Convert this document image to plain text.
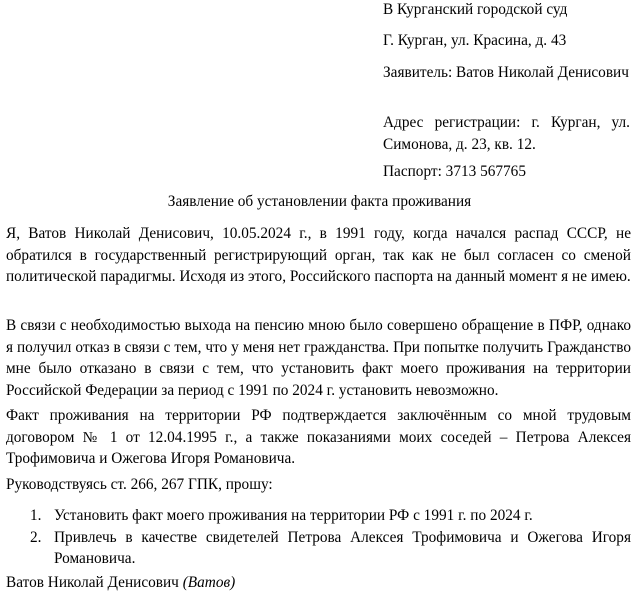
В Курганский городской суд
Г. Курган, ул. Красина, д. 43
Заявитель: Ватов Николай Денисович
Адрес регистрации: г. Курган, ул. Симонова, д. 23, кв. 12.
Паспорт: 3713 567765
Заявление об установлении факта проживания
Я, Ватов Николай Денисович, 10.05.2024 г., в 1991 году, когда начался распад СССР, не обратился в государственный регистрирующий орган, так как не был согласен со сменой политической парадигмы. Исходя из этого, Российского паспорта на данный момент я не имею.
В связи с необходимостью выхода на пенсию мною было совершено обращение в ПФР, однако я получил отказ в связи с тем, что у меня нет гражданства. При попытке получить Гражданство мне было отказано в связи с тем, что установить факт моего проживания на территории Российской Федерации за период с 1991 по 2024 г. установить невозможно.
Факт проживания на территории РФ подтверждается заключённым со мной трудовым договором № 1 от 12.04.1995 г., а также показаниями моих соседей – Петрова Алексея Трофимовича и Ожегова Игоря Романовича.
Руководствуясь ст. 266, 267 ГПК, прошу:
1. Установить факт моего проживания на территории РФ с 1991 г. по 2024 г.
2. Привлечь в качестве свидетелей Петрова Алексея Трофимовича и Ожегова Игоря Романовича.
Ватов Николай Денисович (Ватов)
